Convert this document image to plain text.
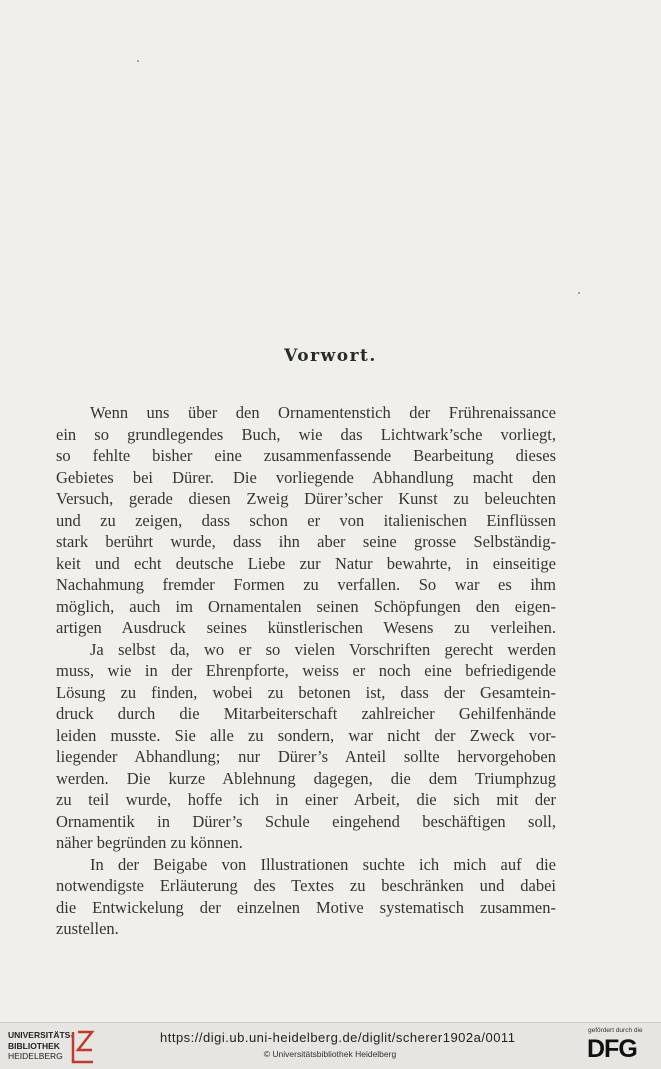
Vorwort.
Wenn uns über den Ornamentenstich der Frührenaissance
ein so grundlegendes Buch, wie das Lichtwark’sche vorliegt,
so fehlte bisher eine zusammenfassende Bearbeitung dieses
Gebietes bei Dürer. Die vorliegende Abhandlung macht den
Versuch, gerade diesen Zweig Dürer’scher Kunst zu beleuchten
und zu zeigen, dass schon er von italienischen Einflüssen
stark berührt wurde, dass ihn aber seine grosse Selbständig-
keit und echt deutsche Liebe zur Natur bewahrte, in einseitige
Nachahmung fremder Formen zu verfallen. So war es ihm
möglich, auch im Ornamentalen seinen Schöpfungen den eigen-
artigen Ausdruck seines künstlerischen Wesens zu verleihen.
Ja selbst da, wo er so vielen Vorschriften gerecht werden
muss, wie in der Ehrenpforte, weiss er noch eine befriedigende
Lösung zu finden, wobei zu betonen ist, dass der Gesamtein-
druck durch die Mitarbeiterschaft zahlreicher Gehilfenhände
leiden musste. Sie alle zu sondern, war nicht der Zweck vor-
liegender Abhandlung; nur Dürer’s Anteil sollte hervorgehoben
werden. Die kurze Ablehnung dagegen, die dem Triumphzug
zu teil wurde, hoffe ich in einer Arbeit, die sich mit der
Ornamentik in Dürer’s Schule eingehend beschäftigen soll,
näher begründen zu können.
In der Beigabe von Illustrationen suchte ich mich auf die
notwendigste Erläuterung des Textes zu beschränken und dabei
die Entwickelung der einzelnen Motive systematisch zusammen-
zustellen.
UNIVERSITÄTS-
BIBLIOTHEK
HEIDELBERG
https://digi.ub.uni-heidelberg.de/diglit/scherer1902a/0011
© Universitätsbibliothek Heidelberg
gefördert durch die
DFG
